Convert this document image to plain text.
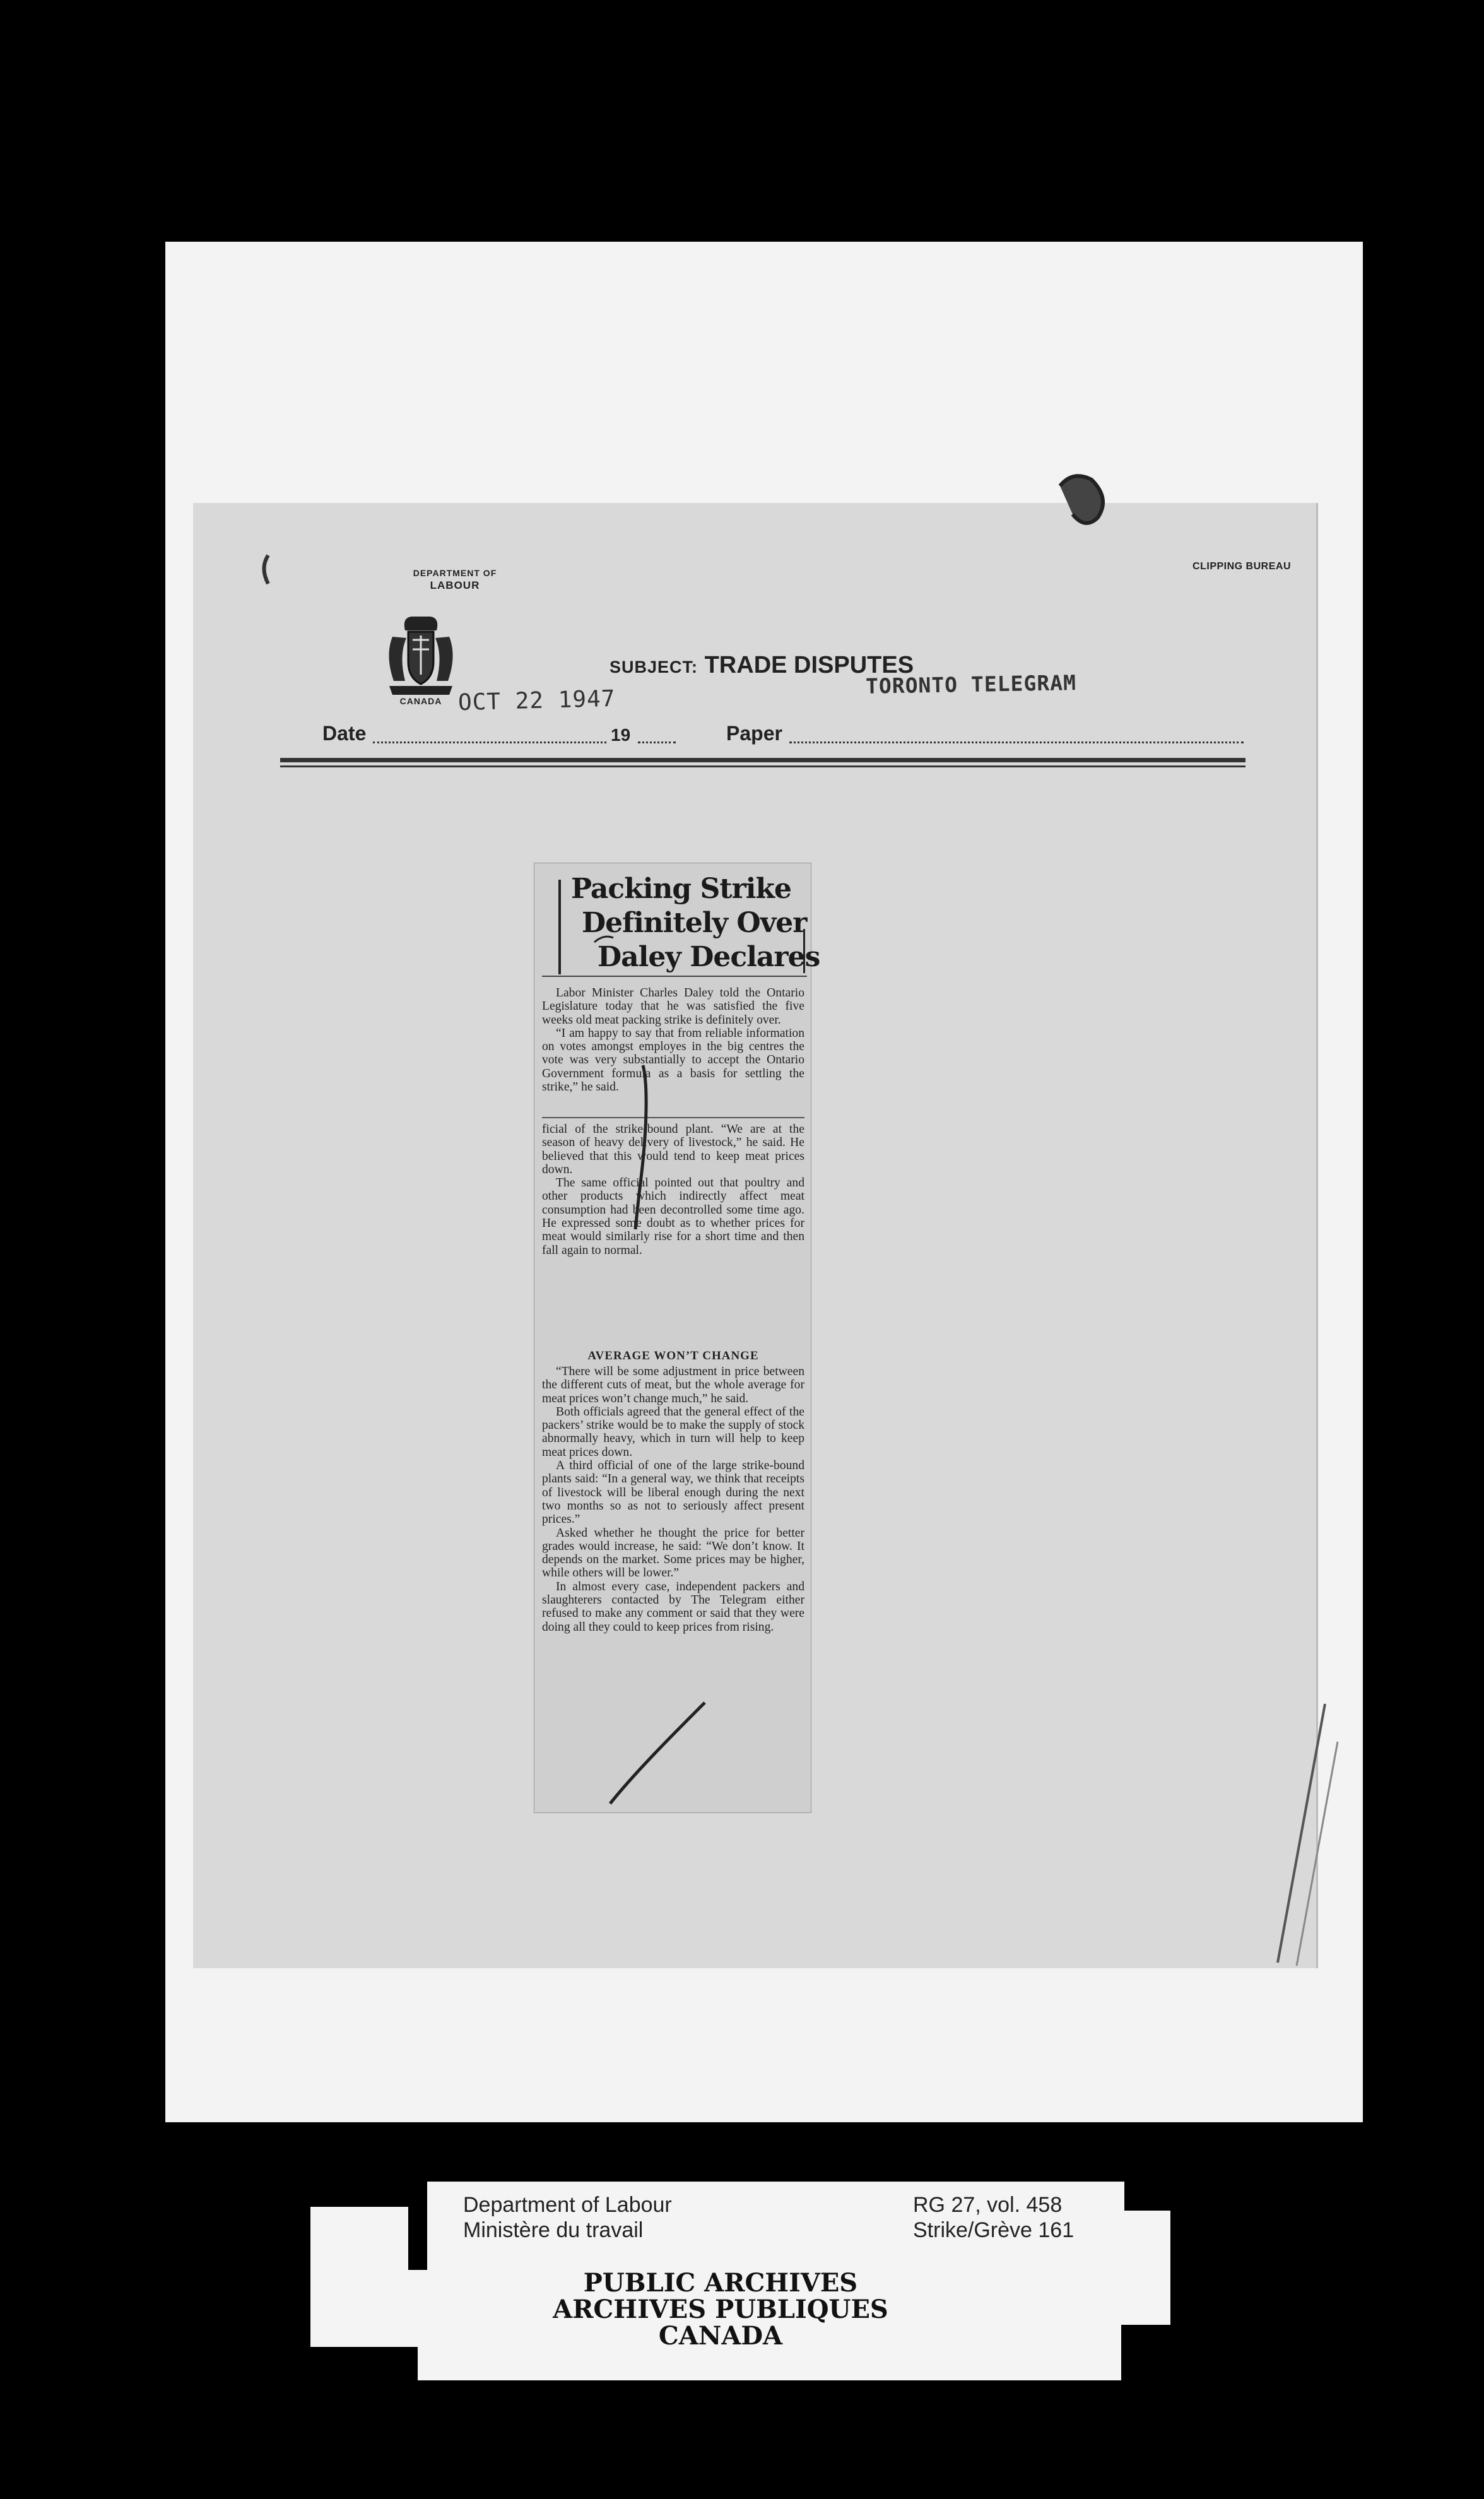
DEPARTMENT OF
LABOUR
CANADA
CLIPPING BUREAU
SUBJECT: TRADE DISPUTES
TORONTO TELEGRAM
OCT 22 1947
Date	19	Paper
Packing Strike
Definitely Over
Daley Declares

Labor Minister Charles Daley told the Ontario Legislature today that he was satisfied the five weeks old meat packing strike is definitely over.

“I am happy to say that from reliable information on votes amongst employes in the big centres the vote was very substantially to accept the Ontario Government formula as a basis for settling the strike,” he said.

ficial of the strike-bound plant. “We are at the season of heavy delivery of livestock,” he said. He believed that this would tend to keep meat prices down.

The same official pointed out that poultry and other products which indirectly affect meat consumption had been decontrolled some time ago. He expressed some doubt as to whether prices for meat would similarly rise for a short time and then fall again to normal.

AVERAGE WON’T CHANGE

“There will be some adjustment in price between the different cuts of meat, but the whole average for meat prices won’t change much,” he said.

Both officials agreed that the general effect of the packers’ strike would be to make the supply of stock abnormally heavy, which in turn will help to keep meat prices down.

A third official of one of the large strike-bound plants said: “In a general way, we think that receipts of livestock will be liberal enough during the next two months so as not to seriously affect present prices.”

Asked whether he thought the price for better grades would increase, he said: “We don’t know. It depends on the market. Some prices may be higher, while others will be lower.”

In almost every case, independent packers and slaughterers contacted by The Telegram either refused to make any comment or said that they were doing all they could to keep prices from rising.

Department of Labour
Ministère du travail
RG 27, vol. 458
Strike/Grève 161
PUBLIC ARCHIVES
ARCHIVES PUBLIQUES
CANADA
